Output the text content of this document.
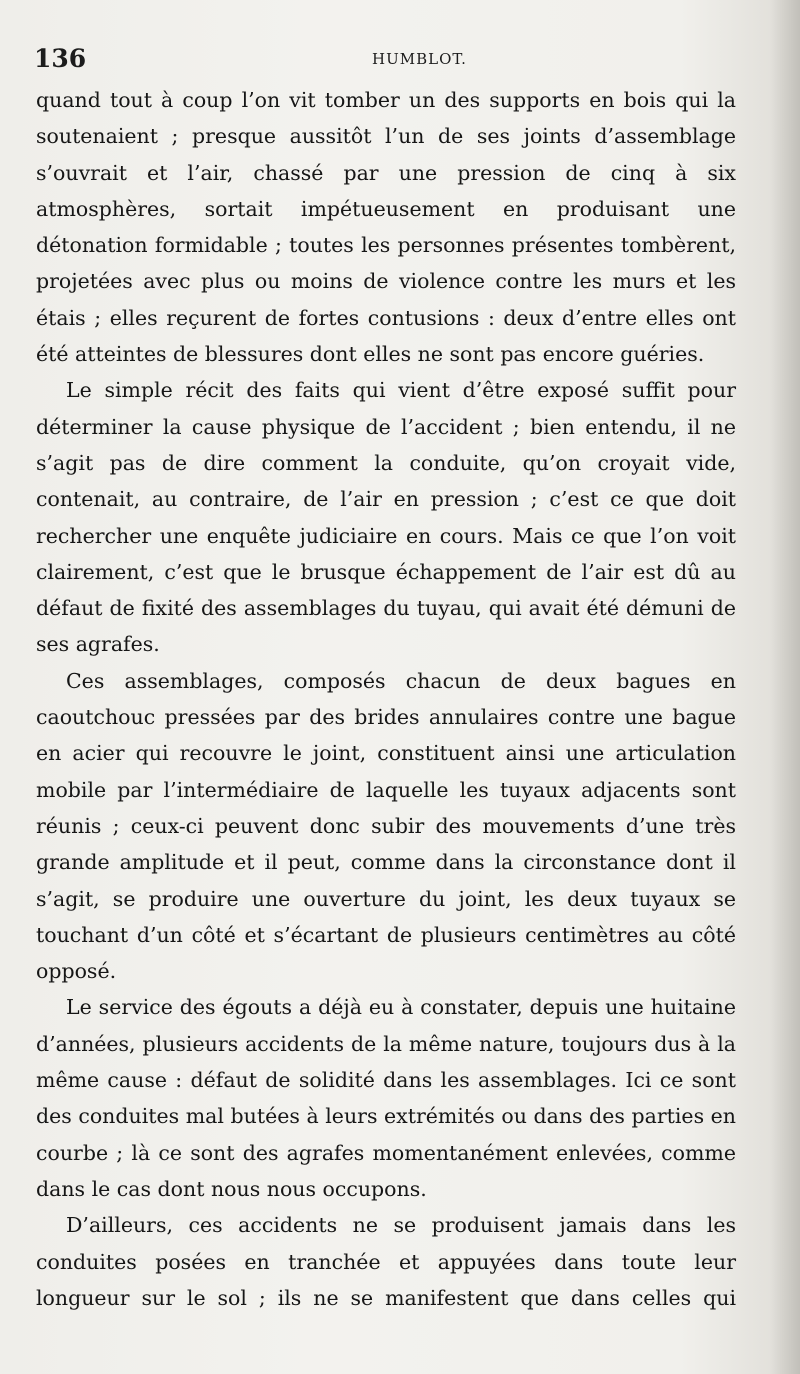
136	HUMBLOT.

quand tout à coup l’on vit tomber un des supports en bois qui la soutenaient ; presque aussitôt l’un de ses joints d’assemblage s’ouvrait et l’air, chassé par une pression de cinq à six atmosphères, sortait impétueusement en produisant une détonation formidable ; toutes les personnes présentes tombèrent, projetées avec plus ou moins de violence contre les murs et les étais ; elles reçurent de fortes contusions : deux d’entre elles ont été atteintes de blessures dont elles ne sont pas encore guéries.

Le simple récit des faits qui vient d’être exposé suffit pour déterminer la cause physique de l’accident ; bien entendu, il ne s’agit pas de dire comment la conduite, qu’on croyait vide, contenait, au contraire, de l’air en pression ; c’est ce que doit rechercher une enquête judiciaire en cours. Mais ce que l’on voit clairement, c’est que le brusque échappement de l’air est dû au défaut de fixité des assemblages du tuyau, qui avait été démuni de ses agrafes.

Ces assemblages, composés chacun de deux bagues en caoutchouc pressées par des brides annulaires contre une bague en acier qui recouvre le joint, constituent ainsi une articulation mobile par l’intermédiaire de laquelle les tuyaux adjacents sont réunis ; ceux-ci peuvent donc subir des mouvements d’une très grande amplitude et il peut, comme dans la circonstance dont il s’agit, se produire une ouverture du joint, les deux tuyaux se touchant d’un côté et s’écartant de plusieurs centimètres au côté opposé.

Le service des égouts a déjà eu à constater, depuis une huitaine d’années, plusieurs accidents de la même nature, toujours dus à la même cause : défaut de solidité dans les assemblages. Ici ce sont des conduites mal butées à leurs extrémités ou dans des parties en courbe ; là ce sont des agrafes momentanément enlevées, comme dans le cas dont nous nous occupons.

D’ailleurs, ces accidents ne se produisent jamais dans les conduites posées en tranchée et appuyées dans toute leur longueur sur le sol ; ils ne se manifestent que dans celles qui
